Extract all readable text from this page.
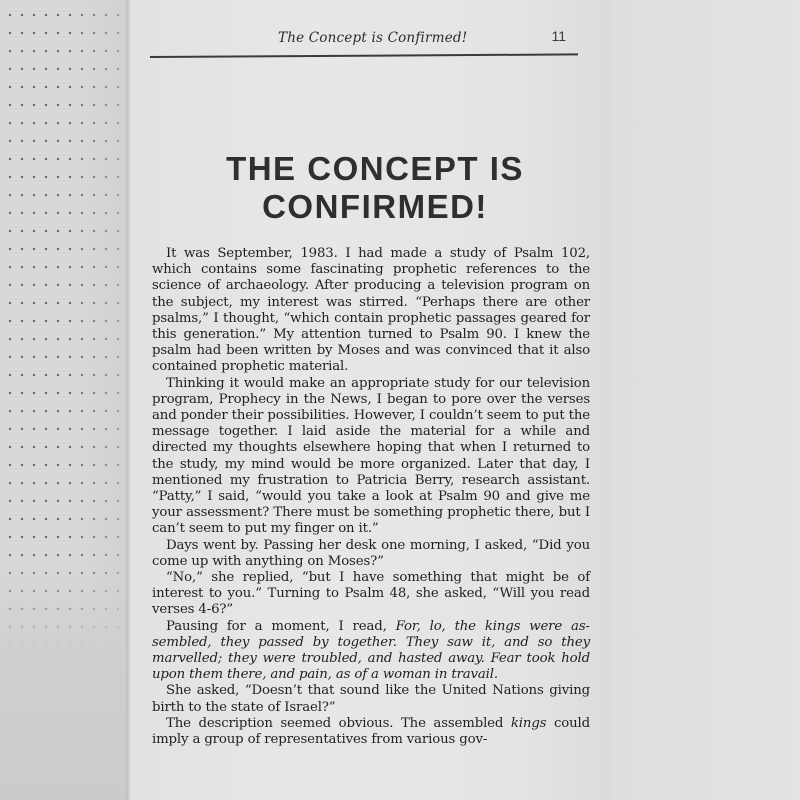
The Concept is Confirmed!	11
THE CONCEPT IS
CONFIRMED!

It was September, 1983. I had made a study of Psalm 102, which contains some fascinating prophetic references to the science of archaeology. After producing a television program on the subject, my interest was stirred. “Perhaps there are other psalms,” I thought, “which contain prophetic passages geared for this generation.” My attention turned to Psalm 90. I knew the psalm had been written by Moses and was convinced that it also contained prophetic material.

Thinking it would make an appropriate study for our television program, Prophecy in the News, I began to pore over the verses and ponder their possibilities. However, I couldn’t seem to put the message together. I laid aside the material for a while and directed my thoughts elsewhere hoping that when I returned to the study, my mind would be more organized. Later that day, I mentioned my frustration to Patricia Berry, research assistant. “Patty,” I said, “would you take a look at Psalm 90 and give me your assessment? There must be something prophetic there, but I can’t seem to put my finger on it.”

Days went by. Passing her desk one morning, I asked, “Did you come up with anything on Moses?”

“No,” she replied, “but I have something that might be of interest to you.” Turning to Psalm 48, she asked, “Will you read verses 4-6?”

Pausing for a moment, I read, For, lo, the kings were assembled, they passed by together. They saw it, and so they marvelled; they were troubled, and hasted away. Fear took hold upon them there, and pain, as of a woman in travail.

She asked, “Doesn’t that sound like the United Nations giving birth to the state of Israel?”

The description seemed obvious. The assembled kings could imply a group of representatives from various gov-
